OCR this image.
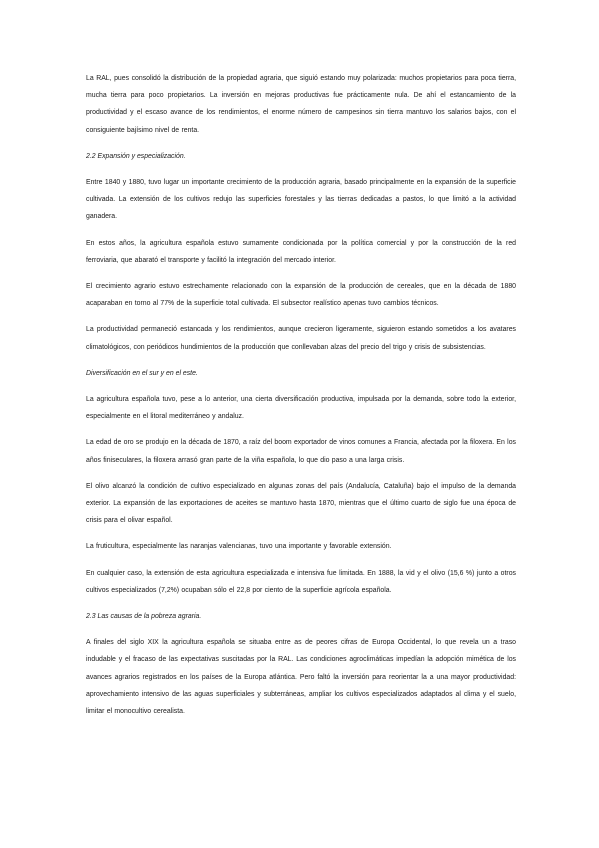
La RAL, pues consolidó la distribución de la propiedad agraria, que siguió estando muy polarizada: muchos propietarios para poca tierra, mucha tierra para poco propietarios. La inversión en mejoras productivas fue prácticamente nula. De ahí el estancamiento de la productividad y el escaso avance de los rendimientos, el enorme número de campesinos sin tierra mantuvo los salarios bajos, con el consiguiente bajísimo nivel de renta.

2.2 Expansión y especialización.

Entre 1840 y 1880, tuvo lugar un importante crecimiento de la producción agraria, basado principalmente en la expansión de la superficie cultivada. La extensión de los cultivos redujo las superficies forestales y las tierras dedicadas a pastos, lo que limitó a la actividad ganadera.

En estos años, la agricultura española estuvo sumamente condicionada por la política comercial y por la construcción de la red ferroviaria, que abarató el transporte y facilitó la integración del mercado interior.

El crecimiento agrario estuvo estrechamente relacionado con la expansión de la producción de cereales, que en la década de 1880 acaparaban en torno al 77% de la superficie total cultivada. El subsector realístico apenas tuvo cambios técnicos.

La productividad permaneció estancada y los rendimientos, aunque crecieron ligeramente, siguieron estando sometidos a los avatares climatológicos, con periódicos hundimientos de la producción que conllevaban alzas del precio del trigo y crisis de subsistencias.

Diversificación en el sur y en el este.

La agricultura española tuvo, pese a lo anterior, una cierta diversificación productiva, impulsada por la demanda, sobre todo la exterior, especialmente en el litoral mediterráneo y andaluz.

La edad de oro se produjo en la década de 1870, a raíz del boom exportador de vinos comunes a Francia, afectada por la filoxera. En los años finiseculares, la filoxera arrasó gran parte de la viña española, lo que dio paso a una larga crisis.

El olivo alcanzó la condición de cultivo especializado en algunas zonas del país (Andalucía, Cataluña) bajo el impulso de la demanda exterior. La expansión de las exportaciones de aceites se mantuvo hasta 1870, mientras que el último cuarto de siglo fue una época de crisis para el olivar español.

La fruticultura, especialmente las naranjas valencianas, tuvo una importante y favorable extensión.

En cualquier caso, la extensión de esta agricultura especializada e intensiva fue limitada. En 1888, la vid y el olivo (15,6 %) junto a otros cultivos especializados (7,2%) ocupaban sólo el 22,8 por ciento de la superficie agrícola española.

2.3 Las causas de la pobreza agraria.

A finales del siglo XIX la agricultura española se situaba entre as de peores cifras de Europa Occidental, lo que revela un a traso indudable y el fracaso de las expectativas suscitadas por la RAL. Las condiciones agroclimáticas impedían la adopción mimética de los avances agrarios registrados en los países de la Europa atlántica. Pero faltó la inversión para reorientar la a una mayor productividad: aprovechamiento intensivo de las aguas superficiales y subterráneas, ampliar los cultivos especializados adaptados al clima y el suelo, limitar el monocultivo cerealista.
